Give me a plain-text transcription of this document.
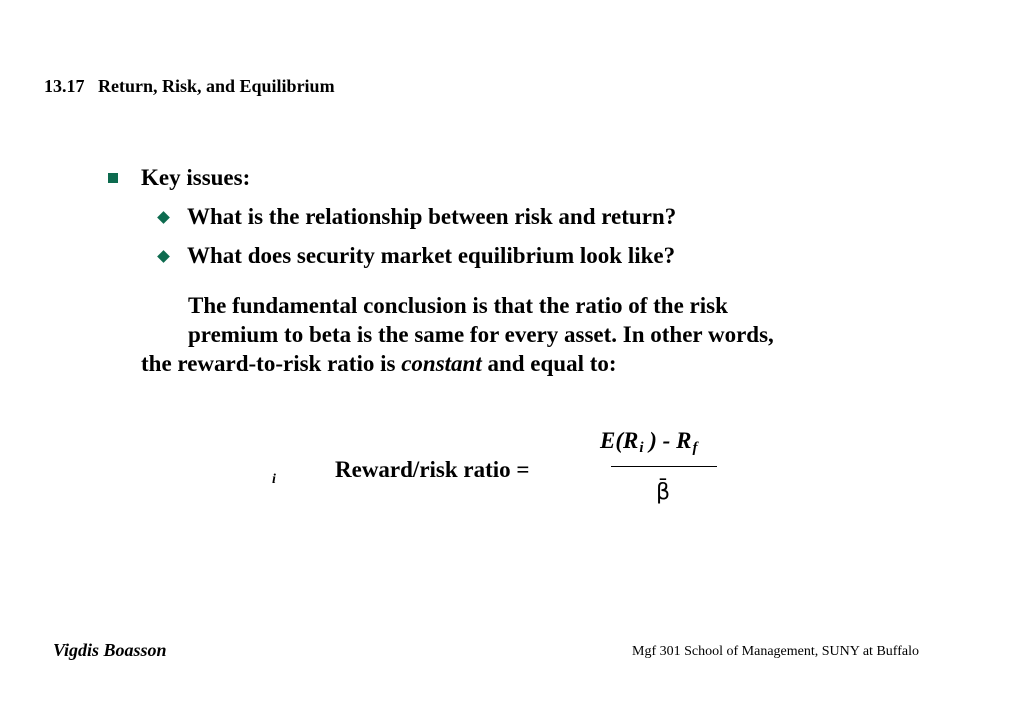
13.17   Return, Risk, and Equilibrium
Key issues:
What is the relationship between risk and return?
What does security market equilibrium look like?
The fundamental conclusion is that the ratio of the risk
premium to beta is the same for every asset. In other words,
the reward-to-risk ratio is constant and equal to:
i	Reward/risk ratio =
$E(R_i$ ) - $R_f$
β̄
Vigdis Boasson	Mgf 301 School of Management, SUNY at Buffalo
